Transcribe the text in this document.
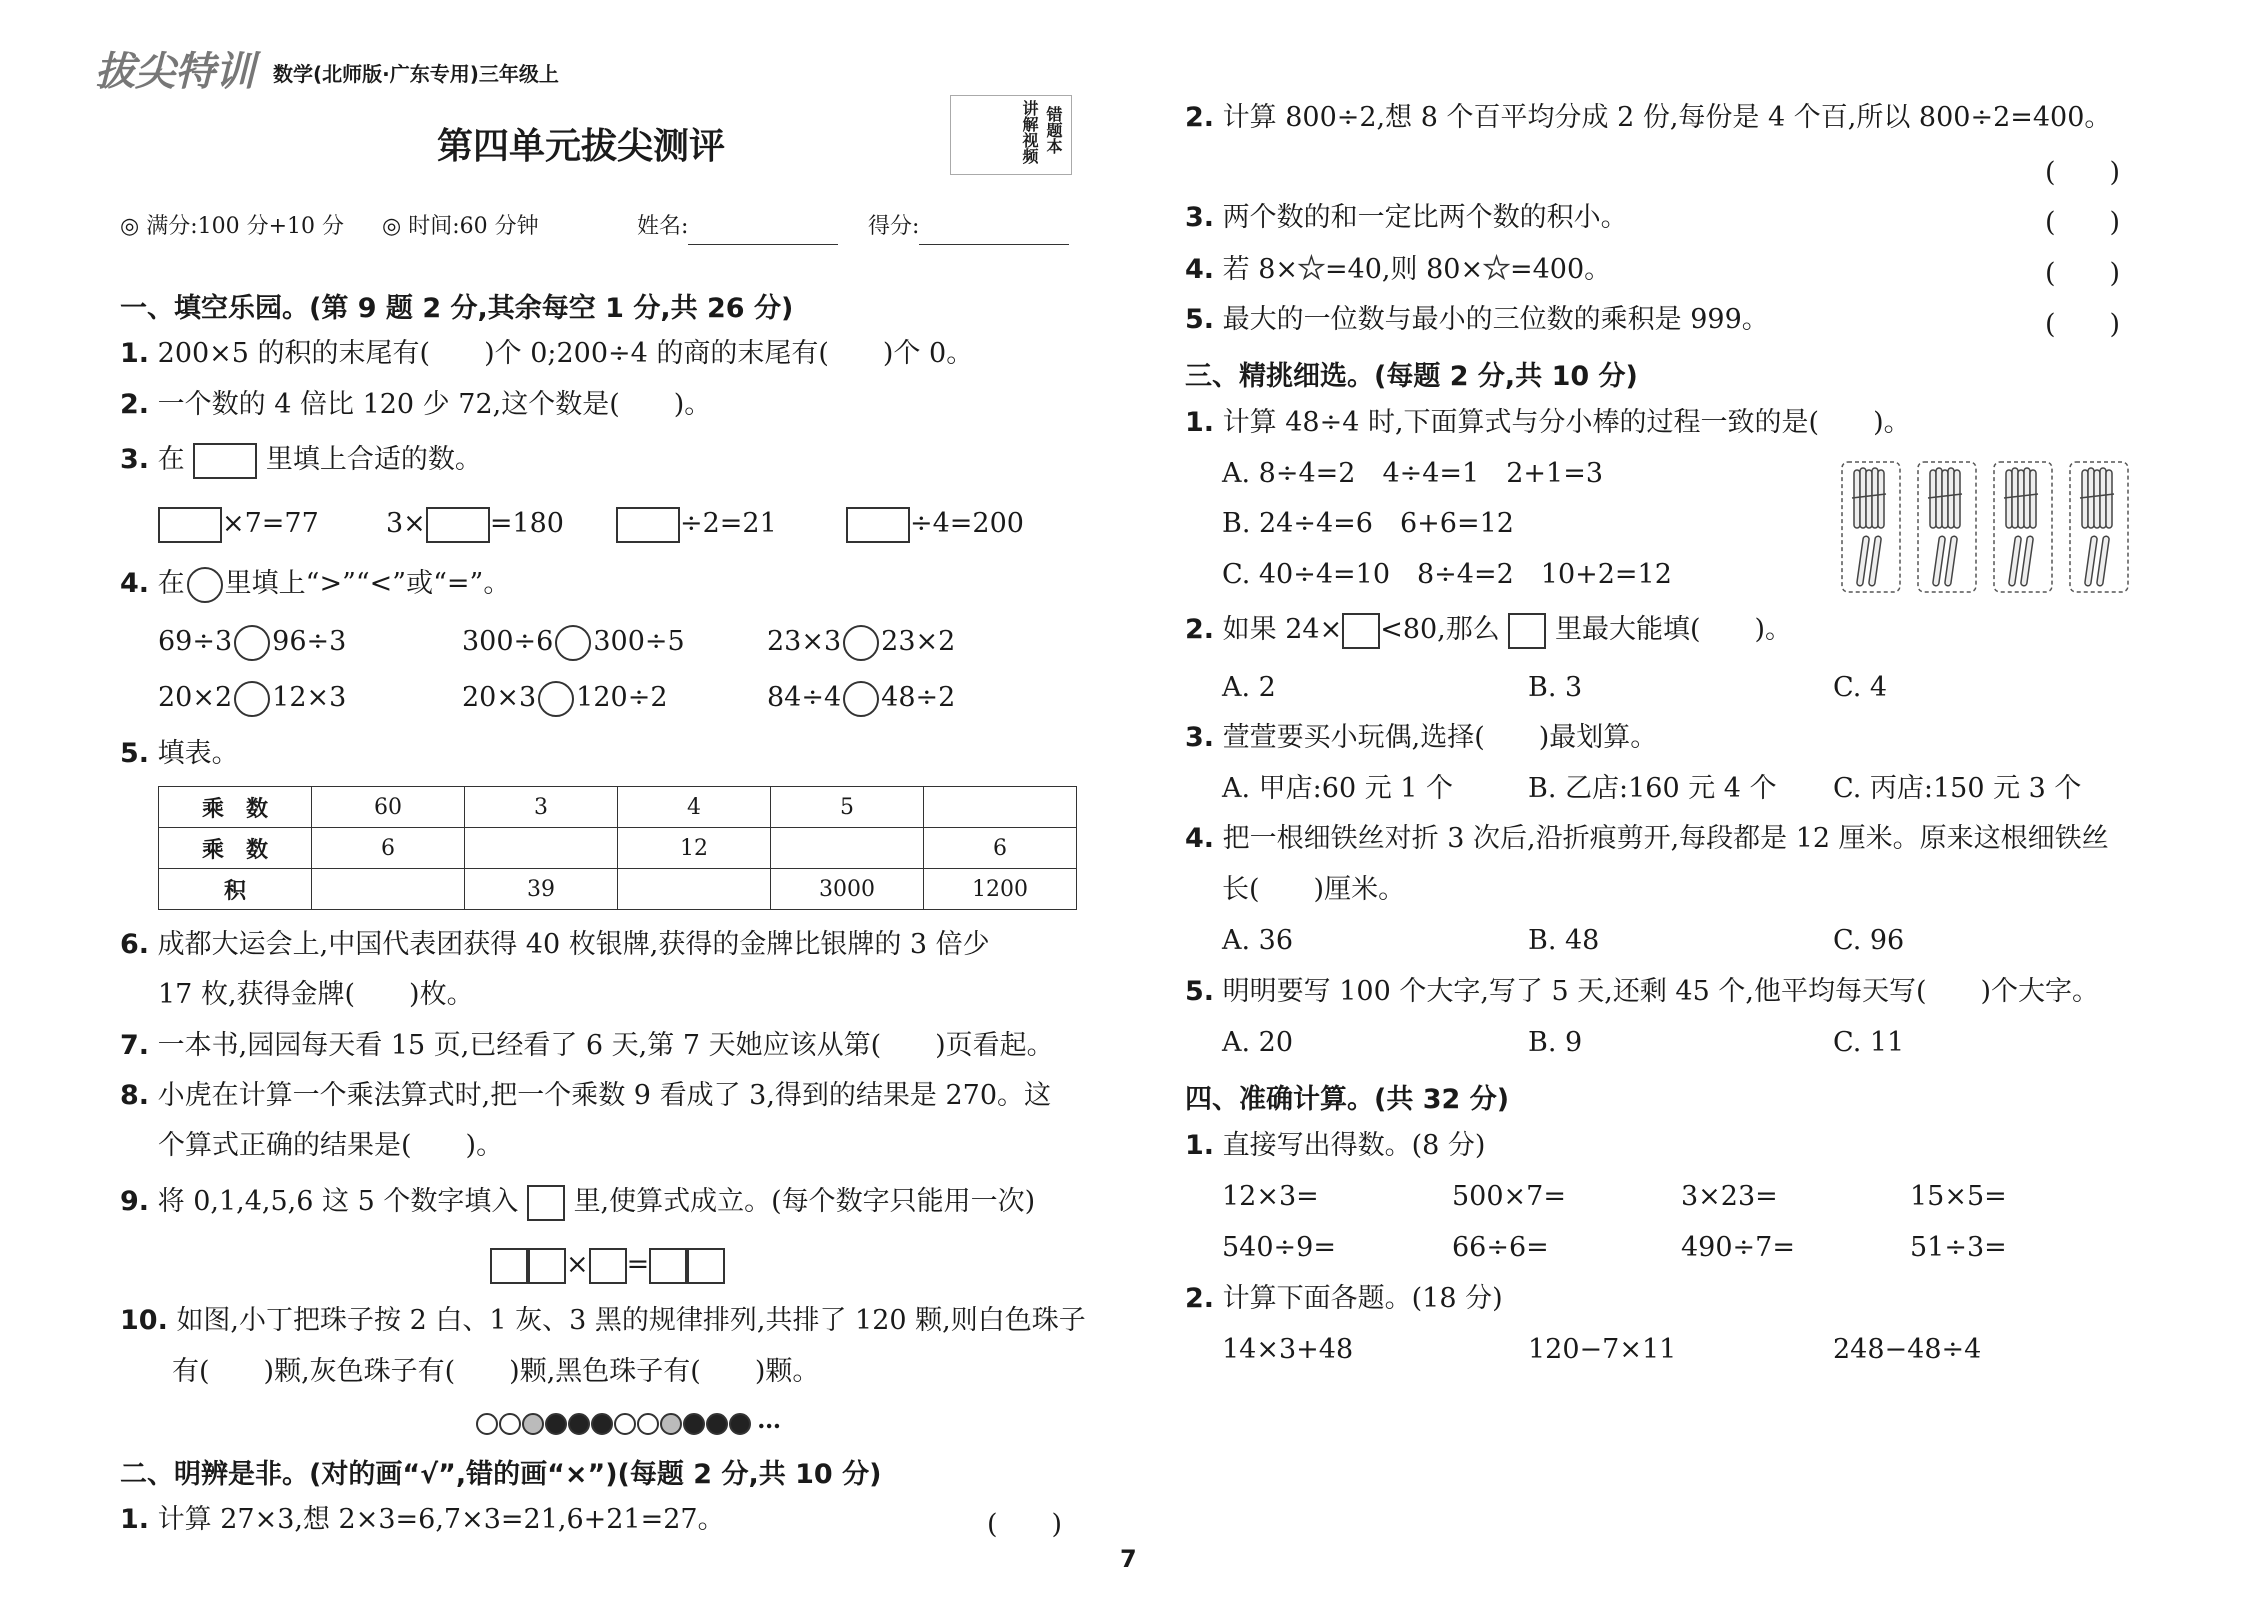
拔尖特训 数学(北师版·广东专用)三年级上
第四单元拔尖测评	讲解视频 错题本
◎ 满分:100 分+10 分 ◎ 时间:60 分钟	姓名:	得分:
一、填空乐园。(第 9 题 2 分,其余每空 1 分,共 26 分)
1. 200×5 的积的末尾有(　　)个 0;200÷4 的商的末尾有(　　)个 0。
2. 一个数的 4 倍比 120 少 72,这个数是(　　)。
3. 在	里填上合适的数。
×7=77 3× =180	÷2=21	÷4=200
4. 在 里填上“>”“<”或“=”。
69÷3 96÷3	300÷6 300÷5	23×3 23×2
20×2 12×3	20×3 120÷2	84÷4 48÷2
5. 填表。
乘　数	60	3	4	5	
乘　数	6		12		6
积		39		3000	1200
6. 成都大运会上,中国代表团获得 40 枚银牌,获得的金牌比银牌的 3 倍少
17 枚,获得金牌(　　)枚。
7. 一本书,园园每天看 15 页,已经看了 6 天,第 7 天她应该从第(　　)页看起。
8. 小虎在计算一个乘法算式时,把一个乘数 9 看成了 3,得到的结果是 270。这
个算式正确的结果是(　　)。
9. 将 0,1,4,5,6 这 5 个数字填入 里,使算式成立。(每个数字只能用一次)
× =
10. 如图,小丁把珠子按 2 白、1 灰、3 黑的规律排列,共排了 120 颗,则白色珠子
有(　　)颗,灰色珠子有(　　)颗,黑色珠子有(　　)颗。
…
二、明辨是非。(对的画“√”,错的画“×”)(每题 2 分,共 10 分)
1. 计算 27×3,想 2×3=6,7×3=21,6+21=27。	(　　)
7
2. 计算 800÷2,想 8 个百平均分成 2 份,每份是 4 个百,所以 800÷2=400。
(　　)
3. 两个数的和一定比两个数的积小。	(　　)
4. 若 8×★=40,则 80×★=400。	(　　)
5. 最大的一位数与最小的三位数的乘积是 999。	(　　)
三、精挑细选。(每题 2 分,共 10 分)
1. 计算 48÷4 时,下面算式与分小棒的过程一致的是(　　)。
A. 8÷4=2　4÷4=1　2+1=3
B. 24÷4=6　6+6=12
C. 40÷4=10　8÷4=2　10+2=12
2. 如果 24× <80,那么 里最大能填(　　)。
A. 2	B. 3	C. 4
3. 萱萱要买小玩偶,选择(　　)最划算。
A. 甲店:60 元 1 个	B. 乙店:160 元 4 个 C. 丙店:150 元 3 个
4. 把一根细铁丝对折 3 次后,沿折痕剪开,每段都是 12 厘米。原来这根细铁丝
长(　　)厘米。
A. 36	B. 48	C. 96
5. 明明要写 100 个大字,写了 5 天,还剩 45 个,他平均每天写(　　)个大字。
A. 20	B. 9	C. 11
四、准确计算。(共 32 分)
1. 直接写出得数。(8 分)
12×3=	500×7=	3×23=	15×5=
540÷9=	66÷6=	490÷7=	51÷3=
2. 计算下面各题。(18 分)
14×3+48	120−7×11	248−48÷4
